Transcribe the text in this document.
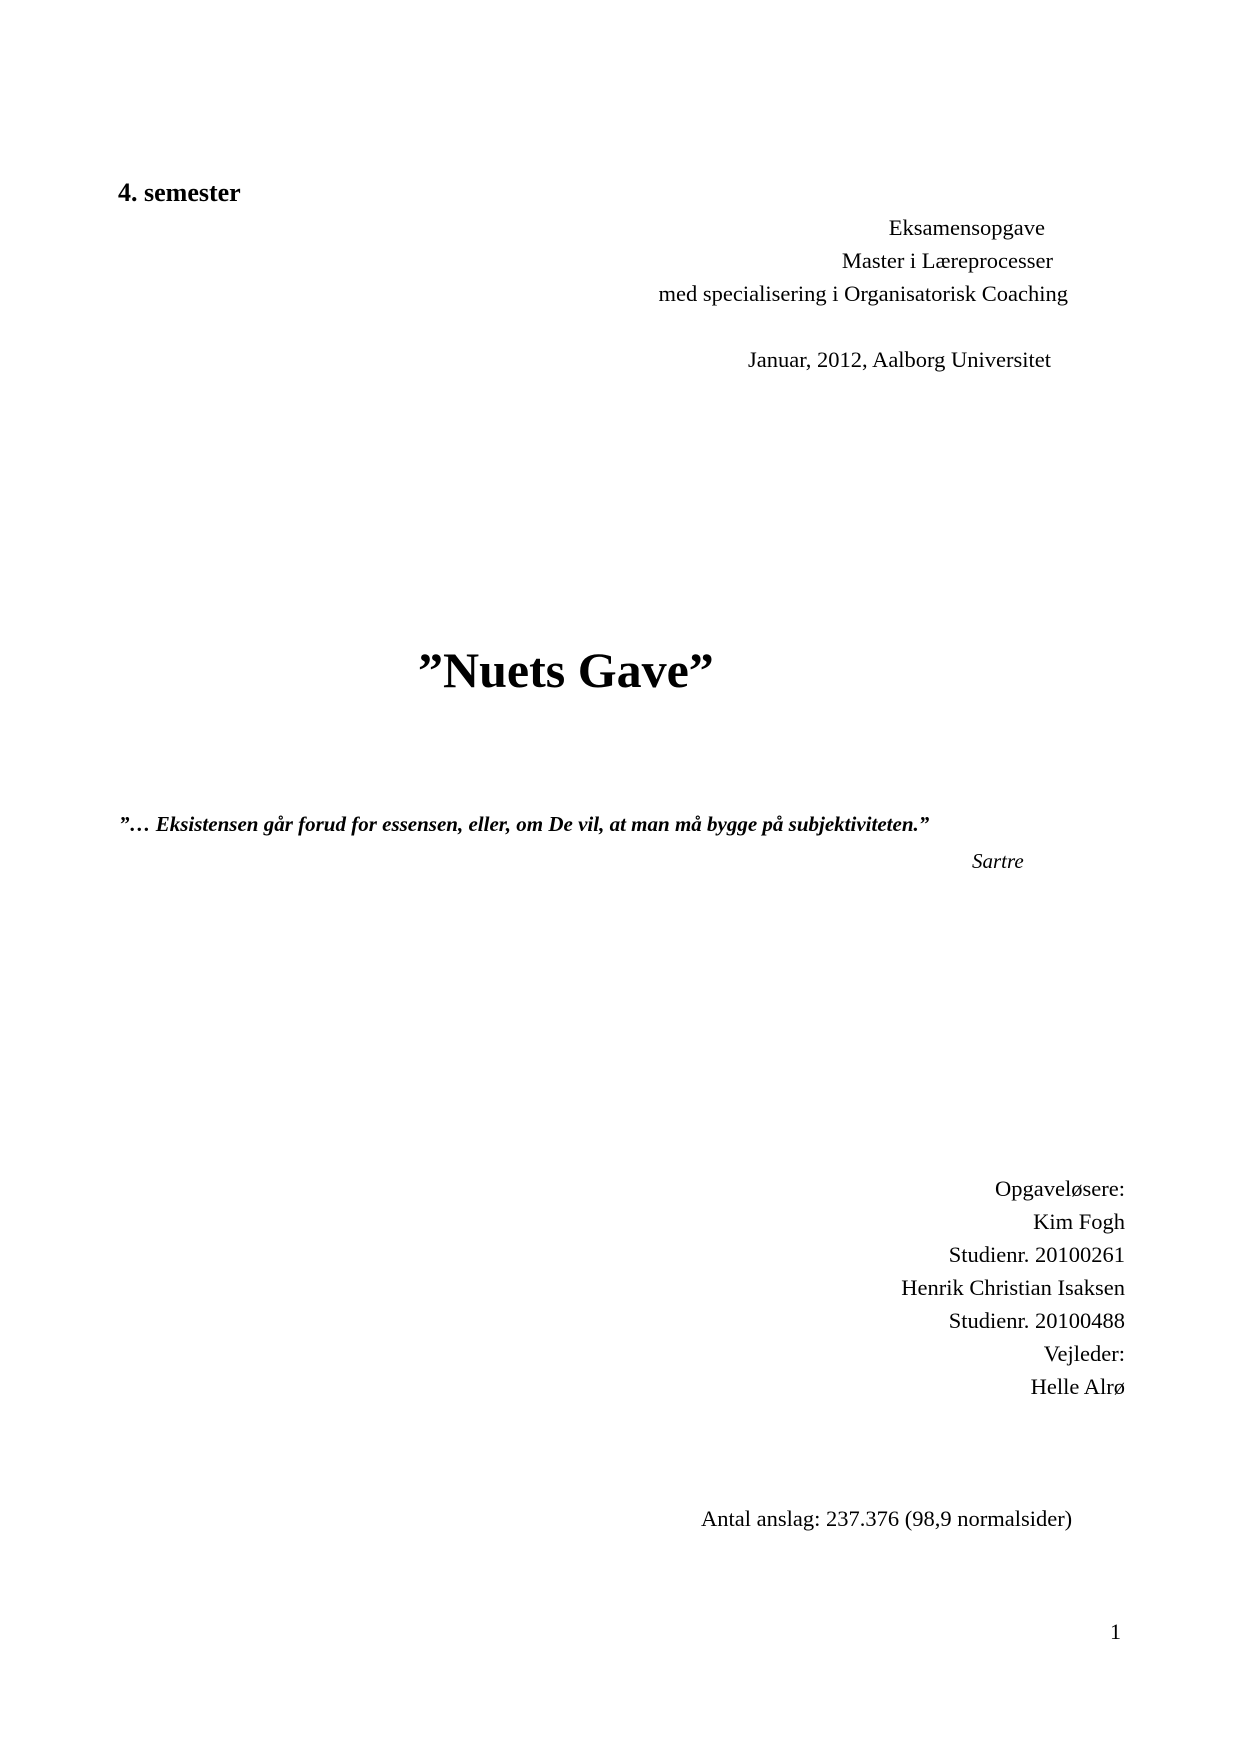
4. semester
Eksamensopgave
Master i Læreprocesser
med specialisering i Organisatorisk Coaching
Januar, 2012, Aalborg Universitet
”Nuets Gave”
”… Eksistensen går forud for essensen, eller, om De vil, at man må bygge på subjektiviteten.”
Sartre
Opgaveløsere:
Kim Fogh
Studienr. 20100261
Henrik Christian Isaksen
Studienr. 20100488
Vejleder:
Helle Alrø
Antal anslag: 237.376 (98,9 normalsider)
1
